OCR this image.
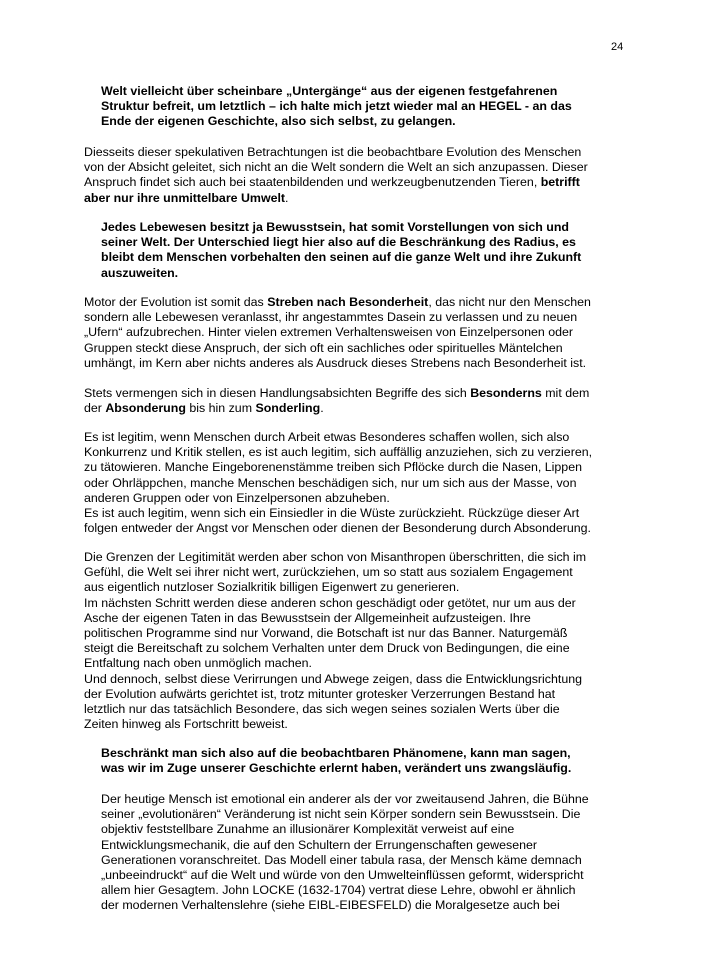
24
Welt vielleicht über scheinbare „Untergänge“ aus der eigenen festgefahrenen
Struktur befreit, um letztlich – ich halte mich jetzt wieder mal an HEGEL - an das
Ende der eigenen Geschichte, also sich selbst, zu gelangen.
Diesseits dieser spekulativen Betrachtungen ist die beobachtbare Evolution des Menschen
von der Absicht geleitet, sich nicht an die Welt sondern die Welt an sich anzupassen. Dieser
Anspruch findet sich auch bei staatenbildenden und werkzeugbenutzenden Tieren, betrifft
aber nur ihre unmittelbare Umwelt.
Jedes Lebewesen besitzt ja Bewusstsein, hat somit Vorstellungen von sich und
seiner Welt. Der Unterschied liegt hier also auf die Beschränkung des Radius, es
bleibt dem Menschen vorbehalten den seinen auf die ganze Welt und ihre Zukunft
auszuweiten.
Motor der Evolution ist somit das Streben nach Besonderheit, das nicht nur den Menschen
sondern alle Lebewesen veranlasst, ihr angestammtes Dasein zu verlassen und zu neuen
„Ufern“ aufzubrechen. Hinter vielen extremen Verhaltensweisen von Einzelpersonen oder
Gruppen steckt diese Anspruch, der sich oft ein sachliches oder spirituelles Mäntelchen
umhängt, im Kern aber nichts anderes als Ausdruck dieses Strebens nach Besonderheit ist.
Stets vermengen sich in diesen Handlungsabsichten Begriffe des sich Besonderns mit dem
der Absonderung bis hin zum Sonderling.
Es ist legitim, wenn Menschen durch Arbeit etwas Besonderes schaffen wollen, sich also
Konkurrenz und Kritik stellen, es ist auch legitim, sich auffällig anzuziehen, sich zu verzieren,
zu tätowieren. Manche Eingeborenenstämme treiben sich Pflöcke durch die Nasen, Lippen
oder Ohrläppchen, manche Menschen beschädigen sich, nur um sich aus der Masse, von
anderen Gruppen oder von Einzelpersonen abzuheben.
Es ist auch legitim, wenn sich ein Einsiedler in die Wüste zurückzieht. Rückzüge dieser Art
folgen entweder der Angst vor Menschen oder dienen der Besonderung durch Absonderung.
Die Grenzen der Legitimität werden aber schon von Misanthropen überschritten, die sich im
Gefühl, die Welt sei ihrer nicht wert, zurückziehen, um so statt aus sozialem Engagement
aus eigentlich nutzloser Sozialkritik billigen Eigenwert zu generieren.
Im nächsten Schritt werden diese anderen schon geschädigt oder getötet, nur um aus der
Asche der eigenen Taten in das Bewusstsein der Allgemeinheit aufzusteigen. Ihre
politischen Programme sind nur Vorwand, die Botschaft ist nur das Banner. Naturgemäß
steigt die Bereitschaft zu solchem Verhalten unter dem Druck von Bedingungen, die eine
Entfaltung nach oben unmöglich machen.
Und dennoch, selbst diese Verirrungen und Abwege zeigen, dass die Entwicklungsrichtung
der Evolution aufwärts gerichtet ist, trotz mitunter grotesker Verzerrungen Bestand hat
letztlich nur das tatsächlich Besondere, das sich wegen seines sozialen Werts über die
Zeiten hinweg als Fortschritt beweist.
Beschränkt man sich also auf die beobachtbaren Phänomene, kann man sagen,
was wir im Zuge unserer Geschichte erlernt haben, verändert uns zwangsläufig.
Der heutige Mensch ist emotional ein anderer als der vor zweitausend Jahren, die Bühne
seiner „evolutionären“ Veränderung ist nicht sein Körper sondern sein Bewusstsein. Die
objektiv feststellbare Zunahme an illusionärer Komplexität verweist auf eine
Entwicklungsmechanik, die auf den Schultern der Errungenschaften gewesener
Generationen voranschreitet. Das Modell einer tabula rasa, der Mensch käme demnach
„unbeeindruckt“ auf die Welt und würde von den Umwelteinflüssen geformt, widerspricht
allem hier Gesagtem. John LOCKE (1632-1704) vertrat diese Lehre, obwohl er ähnlich
der modernen Verhaltenslehre (siehe EIBL-EIBESFELD) die Moralgesetze auch bei
